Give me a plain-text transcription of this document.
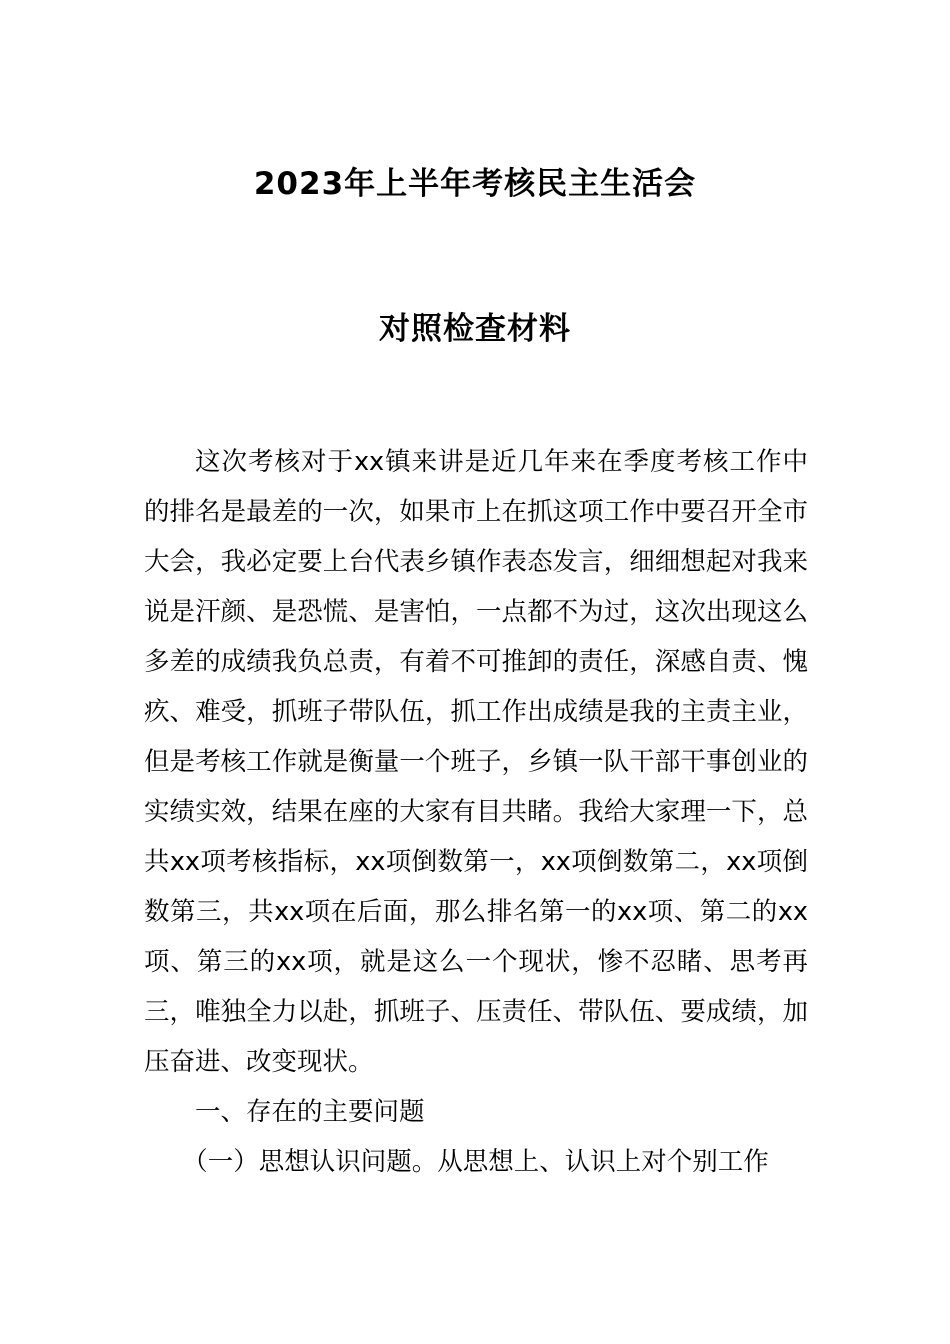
2023年上半年考核民主生活会
对照检查材料

这次考核对于xx镇来讲是近几年来在季度考核工作中的排名是最差的一次，如果市上在抓这项工作中要召开全市大会，我必定要上台代表乡镇作表态发言，细细想起对我来说是汗颜、是恐慌、是害怕，一点都不为过，这次出现这么多差的成绩我负总责，有着不可推卸的责任，深感自责、愧疚、难受，抓班子带队伍，抓工作出成绩是我的主责主业，但是考核工作就是衡量一个班子，乡镇一队干部干事创业的实绩实效，结果在座的大家有目共睹。我给大家理一下，总共xx项考核指标，xx项倒数第一，xx项倒数第二，xx项倒数第三，共xx项在后面，那么排名第一的xx项、第二的xx项、第三的xx项，就是这么一个现状，惨不忍睹、思考再三，唯独全力以赴，抓班子、压责任、带队伍、要成绩，加压奋进、改变现状。

一、存在的主要问题

（一）思想认识问题。从思想上、认识上对个别工作
